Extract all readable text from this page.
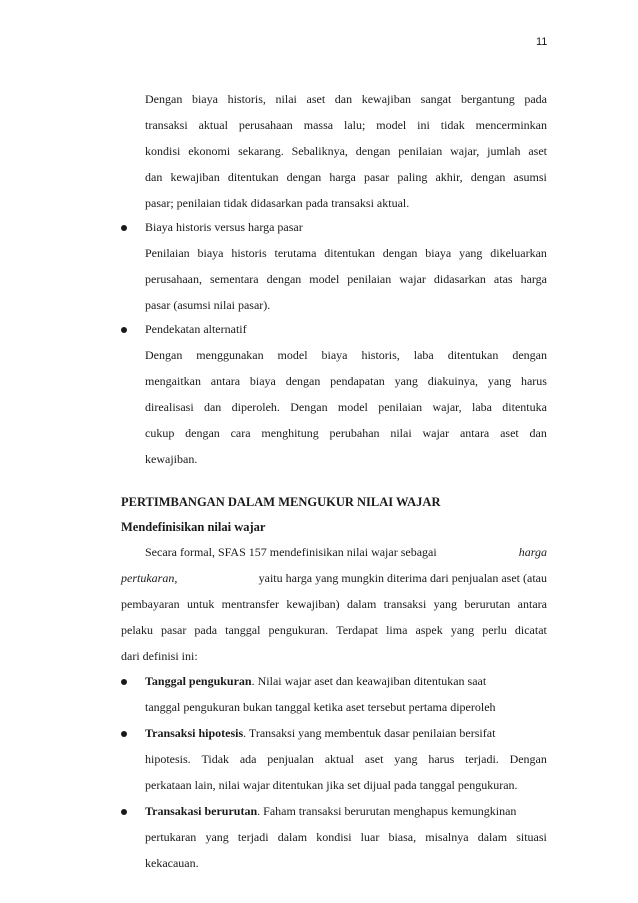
11
Dengan biaya historis, nilai aset dan kewajiban sangat bergantung pada
transaksi aktual perusahaan massa lalu; model ini tidak mencerminkan
kondisi ekonomi sekarang. Sebaliknya, dengan penilaian wajar, jumlah aset
dan kewajiban ditentukan dengan harga pasar paling akhir, dengan asumsi
pasar; penilaian tidak didasarkan pada transaksi aktual.
Biaya historis versus harga pasar
Penilaian biaya historis terutama ditentukan dengan biaya yang dikeluarkan
perusahaan, sementara dengan model penilaian wajar didasarkan atas harga
pasar (asumsi nilai pasar).
Pendekatan alternatif
Dengan menggunakan model biaya historis, laba ditentukan dengan
mengaitkan antara biaya dengan pendapatan yang diakuinya, yang harus
direalisasi dan diperoleh. Dengan model penilaian wajar, laba ditentuka
cukup dengan cara menghitung perubahan nilai wajar antara aset dan
kewajiban.
PERTIMBANGAN DALAM MENGUKUR NILAI WAJAR
Mendefinisikan nilai wajar
Secara formal, SFAS 157 mendefinisikan nilai wajar sebagai	harga
pertukaran,	yaitu harga yang mungkin diterima dari penjualan aset (atau
pembayaran untuk mentransfer kewajiban) dalam transaksi yang berurutan antara
pelaku pasar pada tanggal pengukuran. Terdapat lima aspek yang perlu dicatat
dari definisi ini:
Tanggal pengukuran. Nilai wajar aset dan keawajiban ditentukan saat
tanggal pengukuran bukan tanggal ketika aset tersebut pertama diperoleh
Transaksi hipotesis. Transaksi yang membentuk dasar penilaian bersifat
hipotesis. Tidak ada penjualan aktual aset yang harus terjadi. Dengan
perkataan lain, nilai wajar ditentukan jika set dijual pada tanggal pengukuran.
Transakasi berurutan. Faham transaksi berurutan menghapus kemungkinan
pertukaran yang terjadi dalam kondisi luar biasa, misalnya dalam situasi
kekacauan.
